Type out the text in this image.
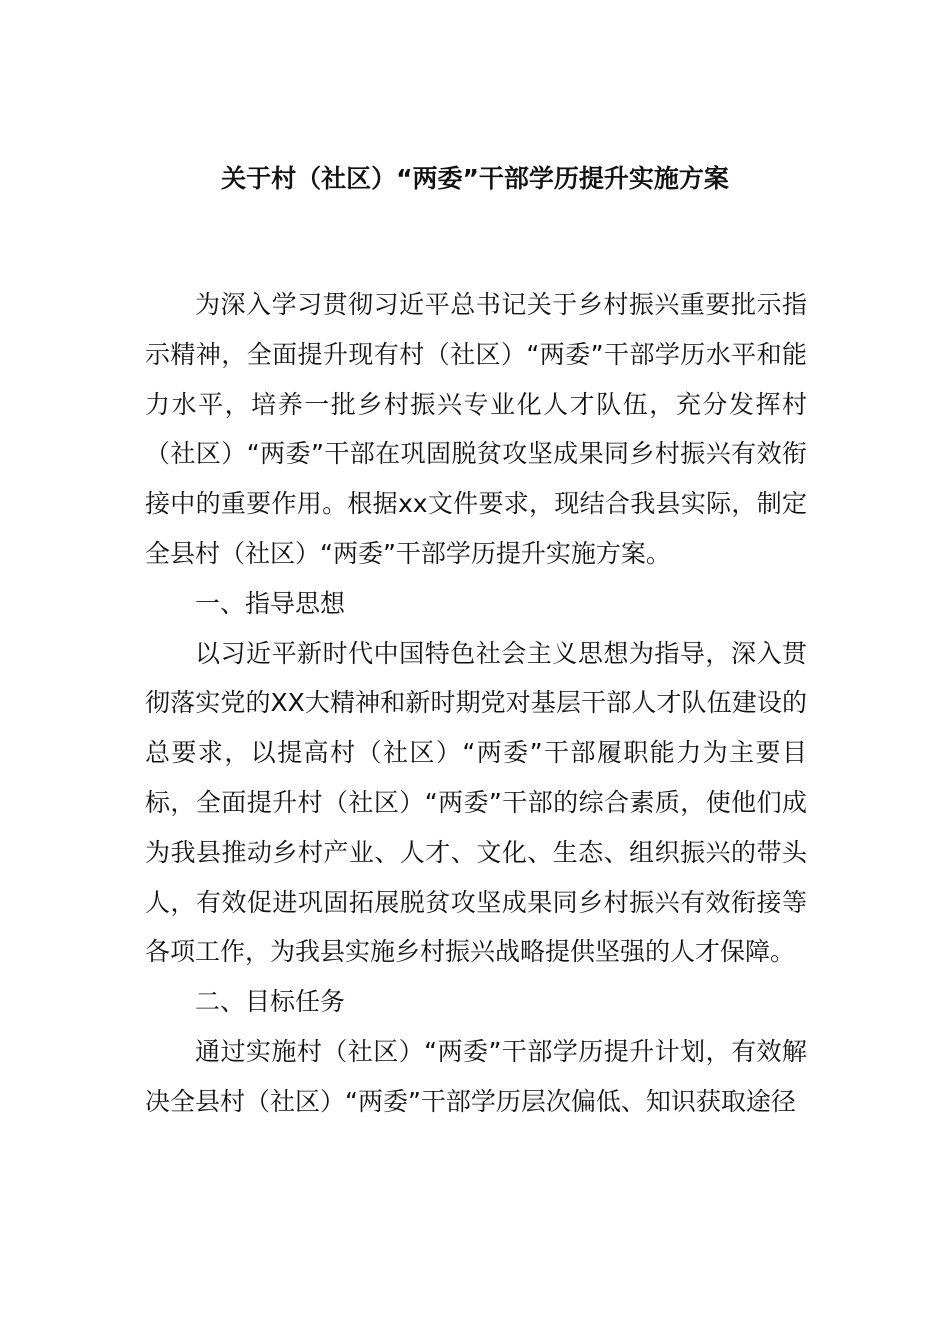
关于村（社区）“两委”干部学历提升实施方案

为深入学习贯彻习近平总书记关于乡村振兴重要批示指示精神，全面提升现有村（社区）“两委”干部学历水平和能力水平，培养一批乡村振兴专业化人才队伍，充分发挥村（社区）“两委”干部在巩固脱贫攻坚成果同乡村振兴有效衔接中的重要作用。根据xx文件要求，现结合我县实际，制定全县村（社区）“两委”干部学历提升实施方案。

一、指导思想

以习近平新时代中国特色社会主义思想为指导，深入贯彻落实党的XX大精神和新时期党对基层干部人才队伍建设的总要求，以提高村（社区）“两委”干部履职能力为主要目标，全面提升村（社区）“两委”干部的综合素质，使他们成为我县推动乡村产业、人才、文化、生态、组织振兴的带头人，有效促进巩固拓展脱贫攻坚成果同乡村振兴有效衔接等各项工作，为我县实施乡村振兴战略提供坚强的人才保障。

二、目标任务

通过实施村（社区）“两委”干部学历提升计划，有效解决全县村（社区）“两委”干部学历层次偏低、知识获取途径
